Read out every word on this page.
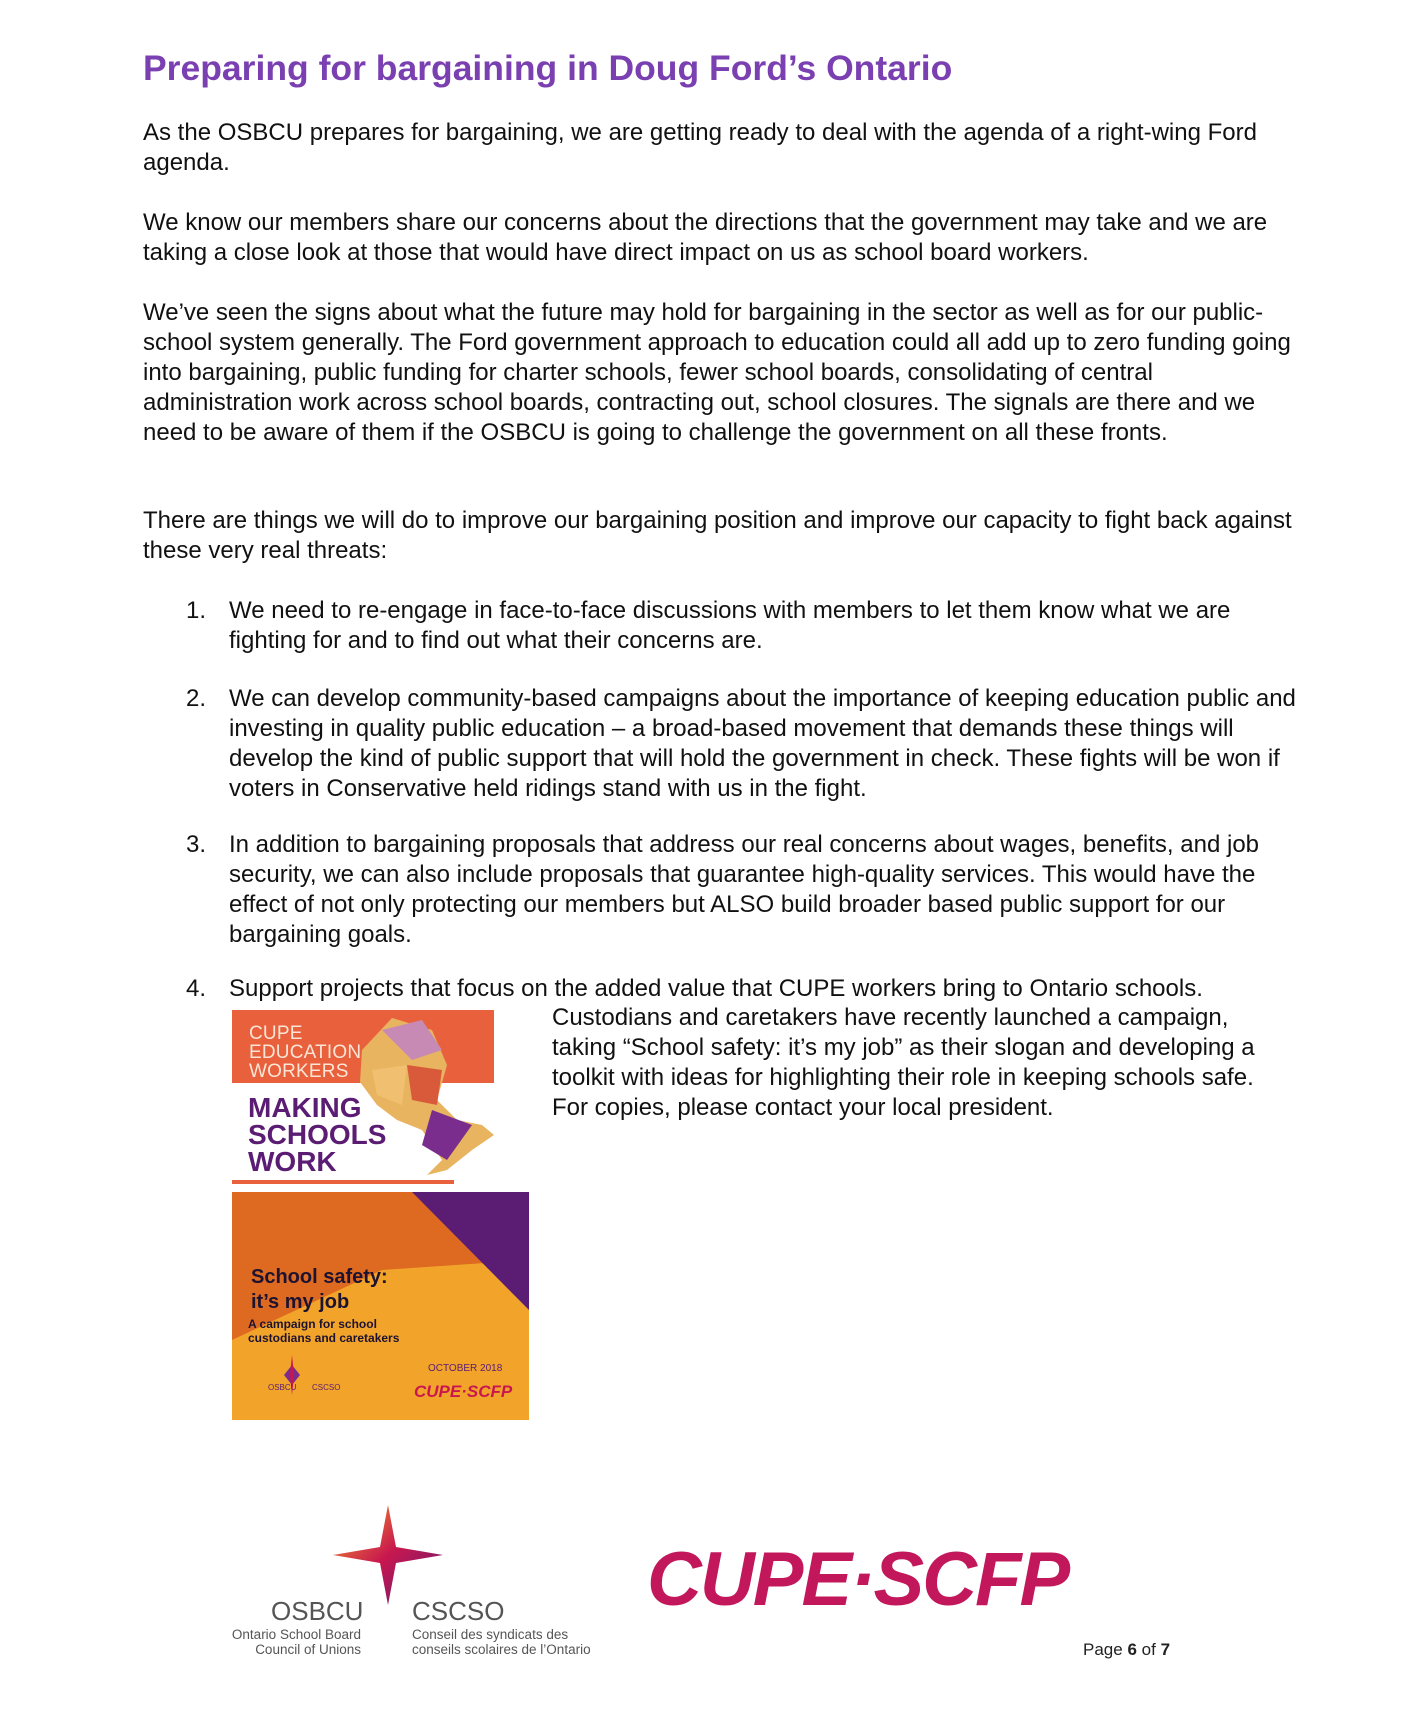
Preparing for bargaining in Doug Ford’s Ontario

As the OSBCU prepares for bargaining, we are getting ready to deal with the agenda of a right-wing Ford agenda.

We know our members share our concerns about the directions that the government may take and we are taking a close look at those that would have direct impact on us as school board workers.

We’ve seen the signs about what the future may hold for bargaining in the sector as well as for our public-school system generally. The Ford government approach to education could all add up to zero funding going into bargaining, public funding for charter schools, fewer school boards, consolidating of central administration work across school boards, contracting out, school closures. The signals are there and we need to be aware of them if the OSBCU is going to challenge the government on all these fronts.

There are things we will do to improve our bargaining position and improve our capacity to fight back against these very real threats:

1. We need to re-engage in face-to-face discussions with members to let them know what we are fighting for and to find out what their concerns are.

2. We can develop community-based campaigns about the importance of keeping education public and investing in quality public education – a broad-based movement that demands these things will develop the kind of public support that will hold the government in check. These fights will be won if voters in Conservative held ridings stand with us in the fight.

3. In addition to bargaining proposals that address our real concerns about wages, benefits, and job security, we can also include proposals that guarantee high-quality services. This would have the effect of not only protecting our members but ALSO build broader based public support for our bargaining goals.

4. Support projects that focus on the added value that CUPE workers bring to Ontario schools.

Custodians and caretakers have recently launched a campaign, taking “School safety: it’s my job” as their slogan and developing a toolkit with ideas for highlighting their role in keeping schools safe. For copies, please contact your local president.

CUPE EDUCATION WORKERS
MAKING SCHOOLS WORK
School safety:
it’s my job
A campaign for school custodians and caretakers
OCTOBER 2018
OSBCU CSCSO	CUPE·SCFP
OSBCU
Ontario School Board
Council of Unions
CSCSO
Conseil des syndicats des
conseils scolaires de l’Ontario
CUPE·SCFP
Page 6 of 7
